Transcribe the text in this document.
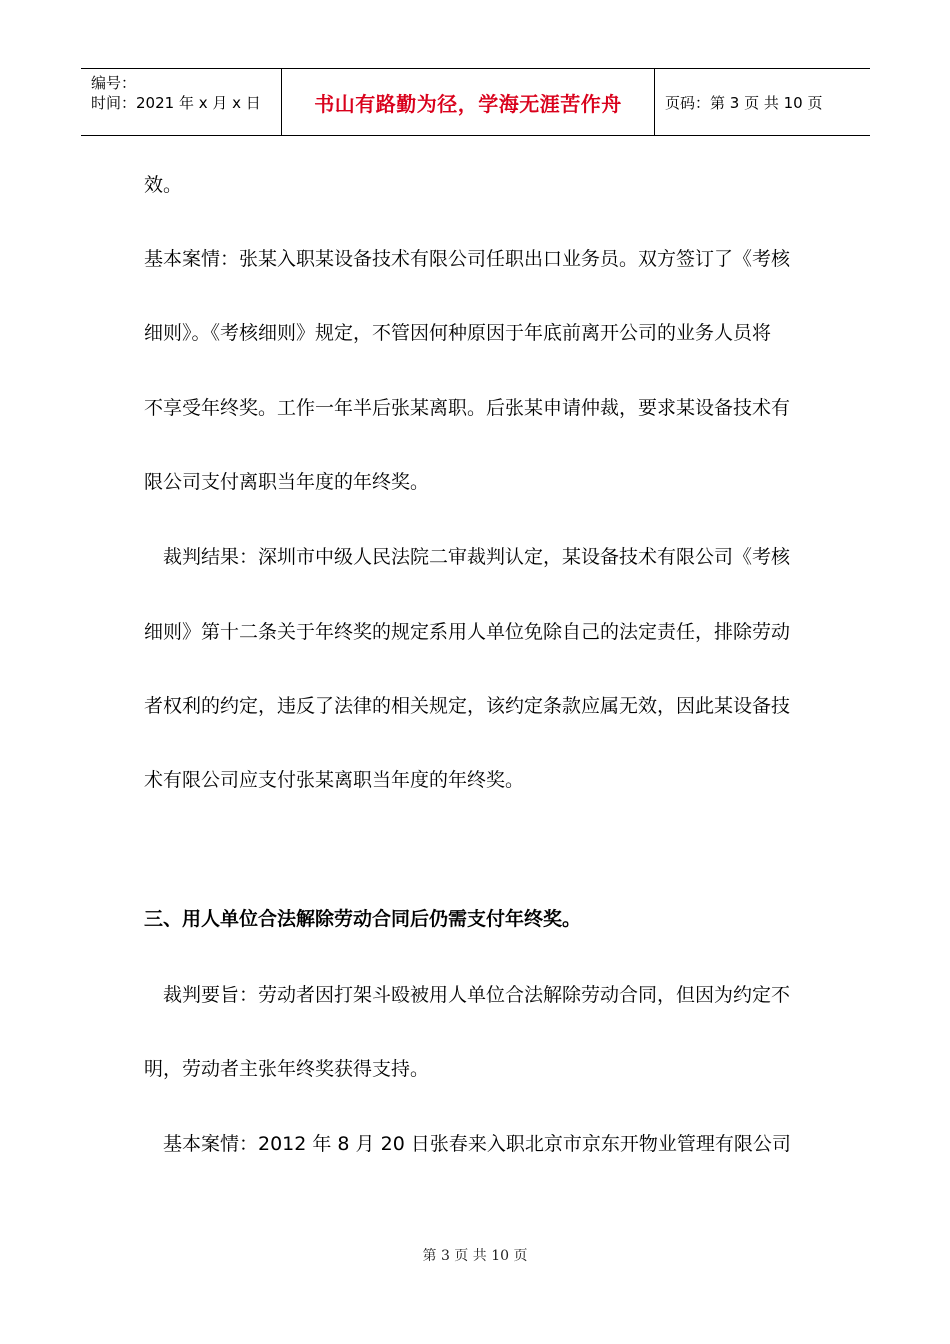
编号：
时间：2021 年 x 月 x 日	书山有路勤为径，学海无涯苦作舟	页码：第 3 页 共 10 页
效。
基本案情：张某入职某设备技术有限公司任职出口业务员。双方签订了《考核
细则》。《考核细则》规定，不管因何种原因于年底前离开公司的业务人员将
不享受年终奖。工作一年半后张某离职。后张某申请仲裁，要求某设备技术有
限公司支付离职当年度的年终奖。
　裁判结果：深圳市中级人民法院二审裁判认定，某设备技术有限公司《考核
细则》第十二条关于年终奖的规定系用人单位免除自己的法定责任，排除劳动
者权利的约定，违反了法律的相关规定，该约定条款应属无效，因此某设备技
术有限公司应支付张某离职当年度的年终奖。
三、用人单位合法解除劳动合同后仍需支付年终奖。
　裁判要旨：劳动者因打架斗殴被用人单位合法解除劳动合同，但因为约定不
明，劳动者主张年终奖获得支持。
　基本案情：2012 年 8 月 20 日张春来入职北京市京东开物业管理有限公司
第 3 页 共 10 页
